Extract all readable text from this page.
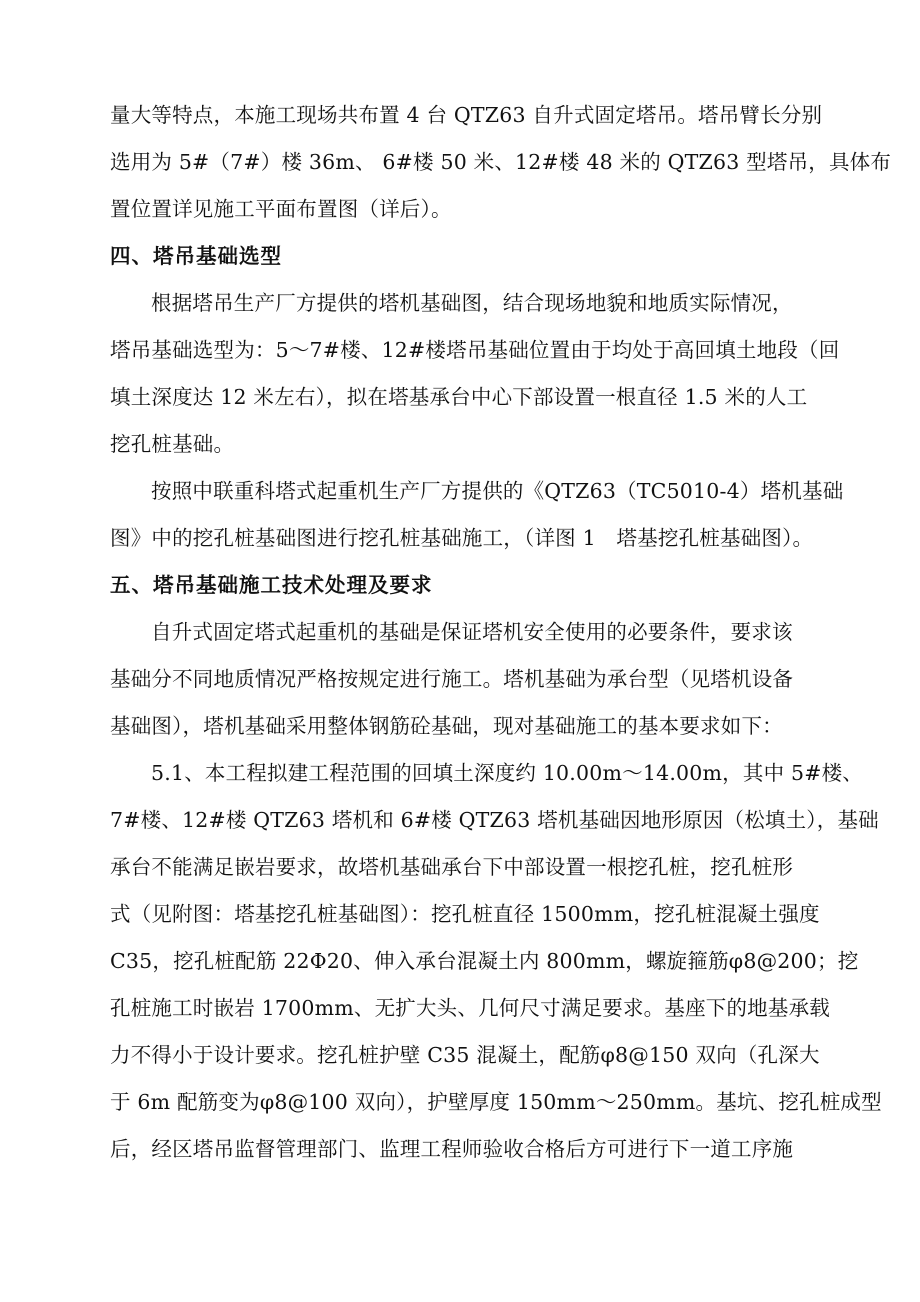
量大等特点，本施工现场共布置 4 台 QTZ63 自升式固定塔吊。塔吊臂长分别
选用为 5#（7#）楼 36m、 6#楼 50 米、12#楼 48 米的 QTZ63 型塔吊，具体布
置位置详见施工平面布置图（详后）。
四、塔吊基础选型
根据塔吊生产厂方提供的塔机基础图，结合现场地貌和地质实际情况，
塔吊基础选型为：5～7#楼、12#楼塔吊基础位置由于均处于高回填土地段（回
填土深度达 12 米左右），拟在塔基承台中心下部设置一根直径 1.5 米的人工
挖孔桩基础。
按照中联重科塔式起重机生产厂方提供的《QTZ63（TC5010-4）塔机基础
图》中的挖孔桩基础图进行挖孔桩基础施工，（详图 1　塔基挖孔桩基础图）。
五、塔吊基础施工技术处理及要求
自升式固定塔式起重机的基础是保证塔机安全使用的必要条件，要求该
基础分不同地质情况严格按规定进行施工。塔机基础为承台型（见塔机设备
基础图），塔机基础采用整体钢筋砼基础，现对基础施工的基本要求如下：
5.1、本工程拟建工程范围的回填土深度约 10.00m～14.00m，其中 5#楼、
7#楼、12#楼 QTZ63 塔机和 6#楼 QTZ63 塔机基础因地形原因（松填土），基础
承台不能满足嵌岩要求，故塔机基础承台下中部设置一根挖孔桩，挖孔桩形
式（见附图：塔基挖孔桩基础图）：挖孔桩直径 1500mm，挖孔桩混凝土强度
C35，挖孔桩配筋 22Φ20、伸入承台混凝土内 800mm，螺旋箍筋φ8@200；挖
孔桩施工时嵌岩 1700mm、无扩大头、几何尺寸满足要求。基座下的地基承载
力不得小于设计要求。挖孔桩护壁 C35 混凝土，配筋φ8@150 双向（孔深大
于 6m 配筋变为φ8@100 双向），护壁厚度 150mm～250mm。基坑、挖孔桩成型
后，经区塔吊监督管理部门、监理工程师验收合格后方可进行下一道工序施
